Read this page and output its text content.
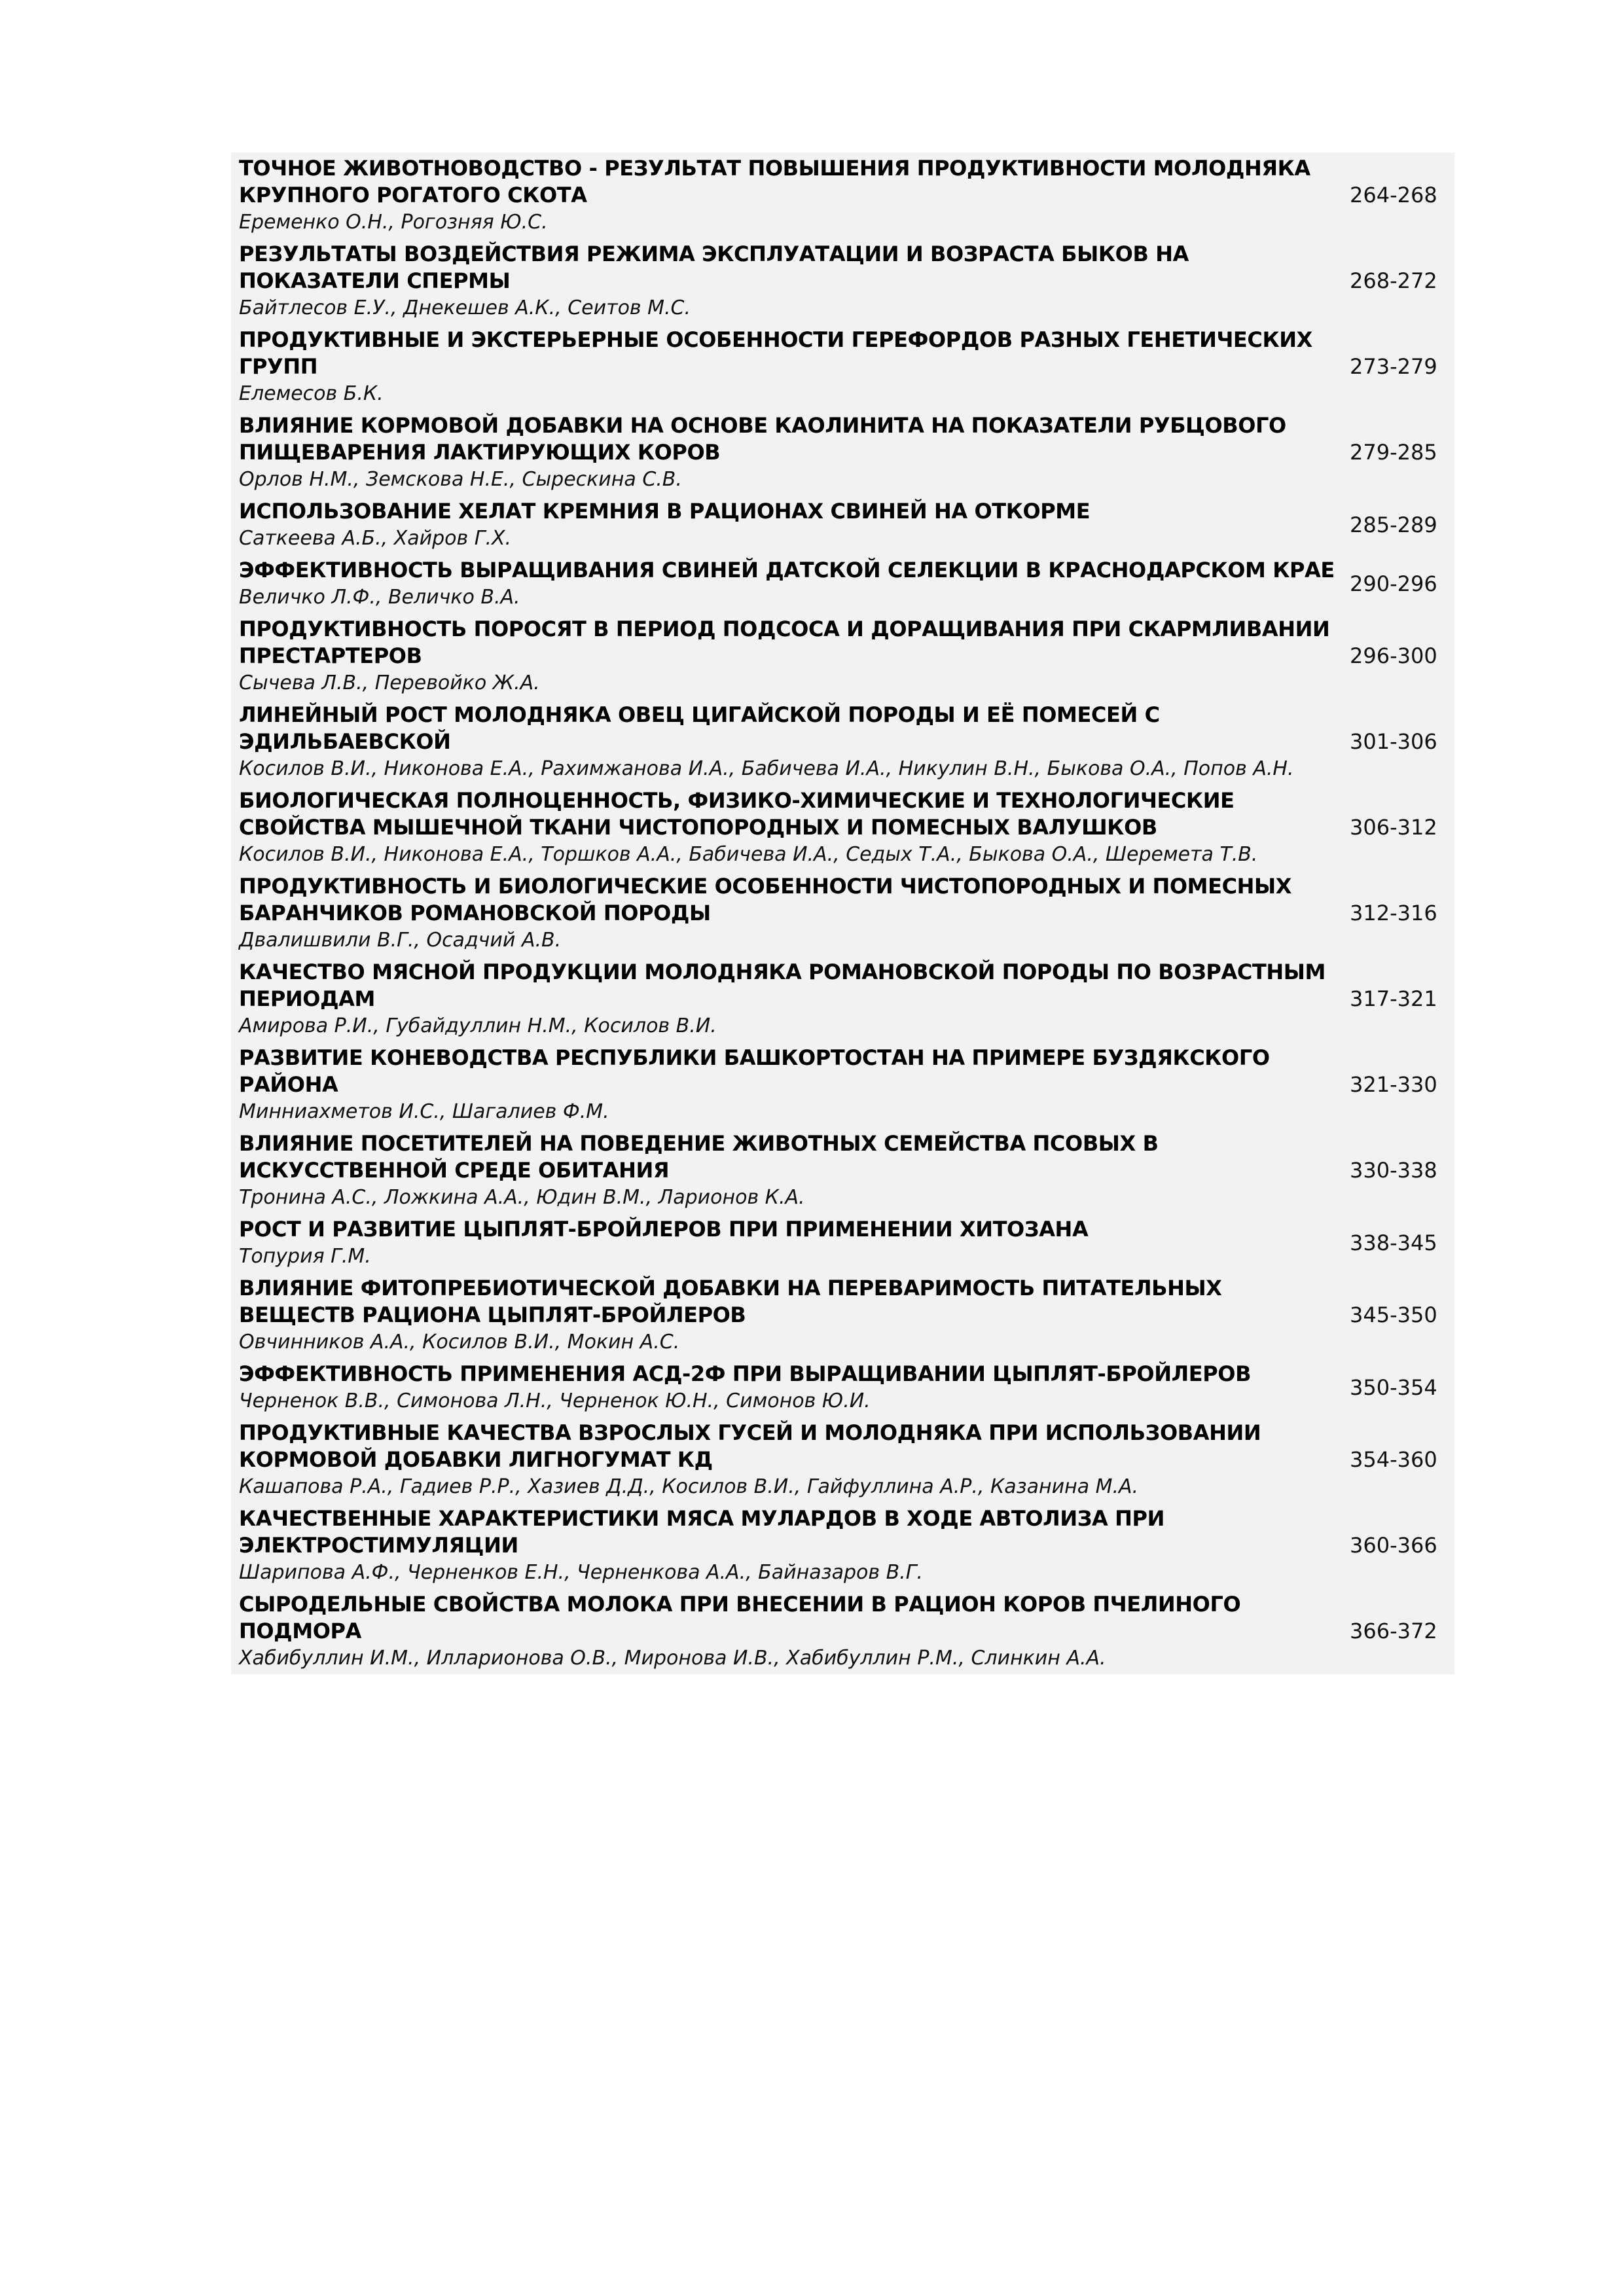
ТОЧНОЕ ЖИВОТНОВОДСТВО - РЕЗУЛЬТАТ ПОВЫШЕНИЯ ПРОДУКТИВНОСТИ МОЛОДНЯКА КРУПНОГО РОГАТОГО СКОТА
Еременко О.Н., Рогозняя Ю.С.
264-268
РЕЗУЛЬТАТЫ ВОЗДЕЙСТВИЯ РЕЖИМА ЭКСПЛУАТАЦИИ И ВОЗРАСТА БЫКОВ НА ПОКАЗАТЕЛИ СПЕРМЫ
Байтлесов Е.У., Днекешев А.К., Сеитов М.С.
268-272
ПРОДУКТИВНЫЕ И ЭКСТЕРЬЕРНЫЕ ОСОБЕННОСТИ ГЕРЕФОРДОВ РАЗНЫХ ГЕНЕТИЧЕСКИХ ГРУПП
Елемесов Б.К.
273-279
ВЛИЯНИЕ КОРМОВОЙ ДОБАВКИ НА ОСНОВЕ КАОЛИНИТА НА ПОКАЗАТЕЛИ РУБЦОВОГО ПИЩЕВАРЕНИЯ ЛАКТИРУЮЩИХ КОРОВ
Орлов Н.М., Земскова Н.Е., Сырескина С.В.
279-285
ИСПОЛЬЗОВАНИЕ ХЕЛАТ КРЕМНИЯ В РАЦИОНАХ СВИНЕЙ НА ОТКОРМЕ
Саткеева А.Б., Хайров Г.Х.
285-289
ЭФФЕКТИВНОСТЬ ВЫРАЩИВАНИЯ СВИНЕЙ ДАТСКОЙ СЕЛЕКЦИИ В КРАСНОДАРСКОМ КРАЕ
Величко Л.Ф., Величко В.А.
290-296
ПРОДУКТИВНОСТЬ ПОРОСЯТ В ПЕРИОД ПОДСОСА И ДОРАЩИВАНИЯ ПРИ СКАРМЛИВАНИИ ПРЕСТАРТЕРОВ
Сычева Л.В., Перевойко Ж.А.
296-300
ЛИНЕЙНЫЙ РОСТ МОЛОДНЯКА ОВЕЦ ЦИГАЙСКОЙ ПОРОДЫ И ЕЁ ПОМЕСЕЙ С ЭДИЛЬБАЕВСКОЙ
Косилов В.И., Никонова Е.А., Рахимжанова И.А., Бабичева И.А., Никулин В.Н., Быкова О.А., Попов А.Н.
301-306
БИОЛОГИЧЕСКАЯ ПОЛНОЦЕННОСТЬ, ФИЗИКО-ХИМИЧЕСКИЕ И ТЕХНОЛОГИЧЕСКИЕ СВОЙСТВА МЫШЕЧНОЙ ТКАНИ ЧИСТОПОРОДНЫХ И ПОМЕСНЫХ ВАЛУШКОВ
Косилов В.И., Никонова Е.А., Торшков А.А., Бабичева И.А., Седых Т.А., Быкова О.А., Шеремета Т.В.
306-312
ПРОДУКТИВНОСТЬ И БИОЛОГИЧЕСКИЕ ОСОБЕННОСТИ ЧИСТОПОРОДНЫХ И ПОМЕСНЫХ БАРАНЧИКОВ РОМАНОВСКОЙ ПОРОДЫ
Двалишвили В.Г., Осадчий А.В.
312-316
КАЧЕСТВО МЯСНОЙ ПРОДУКЦИИ МОЛОДНЯКА РОМАНОВСКОЙ ПОРОДЫ ПО ВОЗРАСТНЫМ ПЕРИОДАМ
Амирова Р.И., Губайдуллин Н.М., Косилов В.И.
317-321
РАЗВИТИЕ КОНЕВОДСТВА РЕСПУБЛИКИ БАШКОРТОСТАН НА ПРИМЕРЕ БУЗДЯКСКОГО РАЙОНА
Минниахметов И.С., Шагалиев Ф.М.
321-330
ВЛИЯНИЕ ПОСЕТИТЕЛЕЙ НА ПОВЕДЕНИЕ ЖИВОТНЫХ СЕМЕЙСТВА ПСОВЫХ В ИСКУССТВЕННОЙ СРЕДЕ ОБИТАНИЯ
Тронина А.С., Ложкина А.А., Юдин В.М., Ларионов К.А.
330-338
РОСТ И РАЗВИТИЕ ЦЫПЛЯТ-БРОЙЛЕРОВ ПРИ ПРИМЕНЕНИИ ХИТОЗАНА
Топурия Г.М.
338-345
ВЛИЯНИЕ ФИТОПРЕБИОТИЧЕСКОЙ ДОБАВКИ НА ПЕРЕВАРИМОСТЬ ПИТАТЕЛЬНЫХ ВЕЩЕСТВ РАЦИОНА ЦЫПЛЯТ-БРОЙЛЕРОВ
Овчинников А.А., Косилов В.И., Мокин А.С.
345-350
ЭФФЕКТИВНОСТЬ ПРИМЕНЕНИЯ АСД-2Ф ПРИ ВЫРАЩИВАНИИ ЦЫПЛЯТ-БРОЙЛЕРОВ
Черненок В.В., Симонова Л.Н., Черненок Ю.Н., Симонов Ю.И.
350-354
ПРОДУКТИВНЫЕ КАЧЕСТВА ВЗРОСЛЫХ ГУСЕЙ И МОЛОДНЯКА ПРИ ИСПОЛЬЗОВАНИИ КОРМОВОЙ ДОБАВКИ ЛИГНОГУМАТ КД
Кашапова Р.А., Гадиев Р.Р., Хазиев Д.Д., Косилов В.И., Гайфуллина А.Р., Казанина М.А.
354-360
КАЧЕСТВЕННЫЕ ХАРАКТЕРИСТИКИ МЯСА МУЛАРДОВ В ХОДЕ АВТОЛИЗА ПРИ ЭЛЕКТРОСТИМУЛЯЦИИ
Шарипова А.Ф., Черненков Е.Н., Черненкова А.А., Байназаров В.Г.
360-366
СЫРОДЕЛЬНЫЕ СВОЙСТВА МОЛОКА ПРИ ВНЕСЕНИИ В РАЦИОН КОРОВ ПЧЕЛИНОГО ПОДМОРА
Хабибуллин И.М., Илларионова О.В., Миронова И.В., Хабибуллин Р.М., Слинкин А.А.
366-372
